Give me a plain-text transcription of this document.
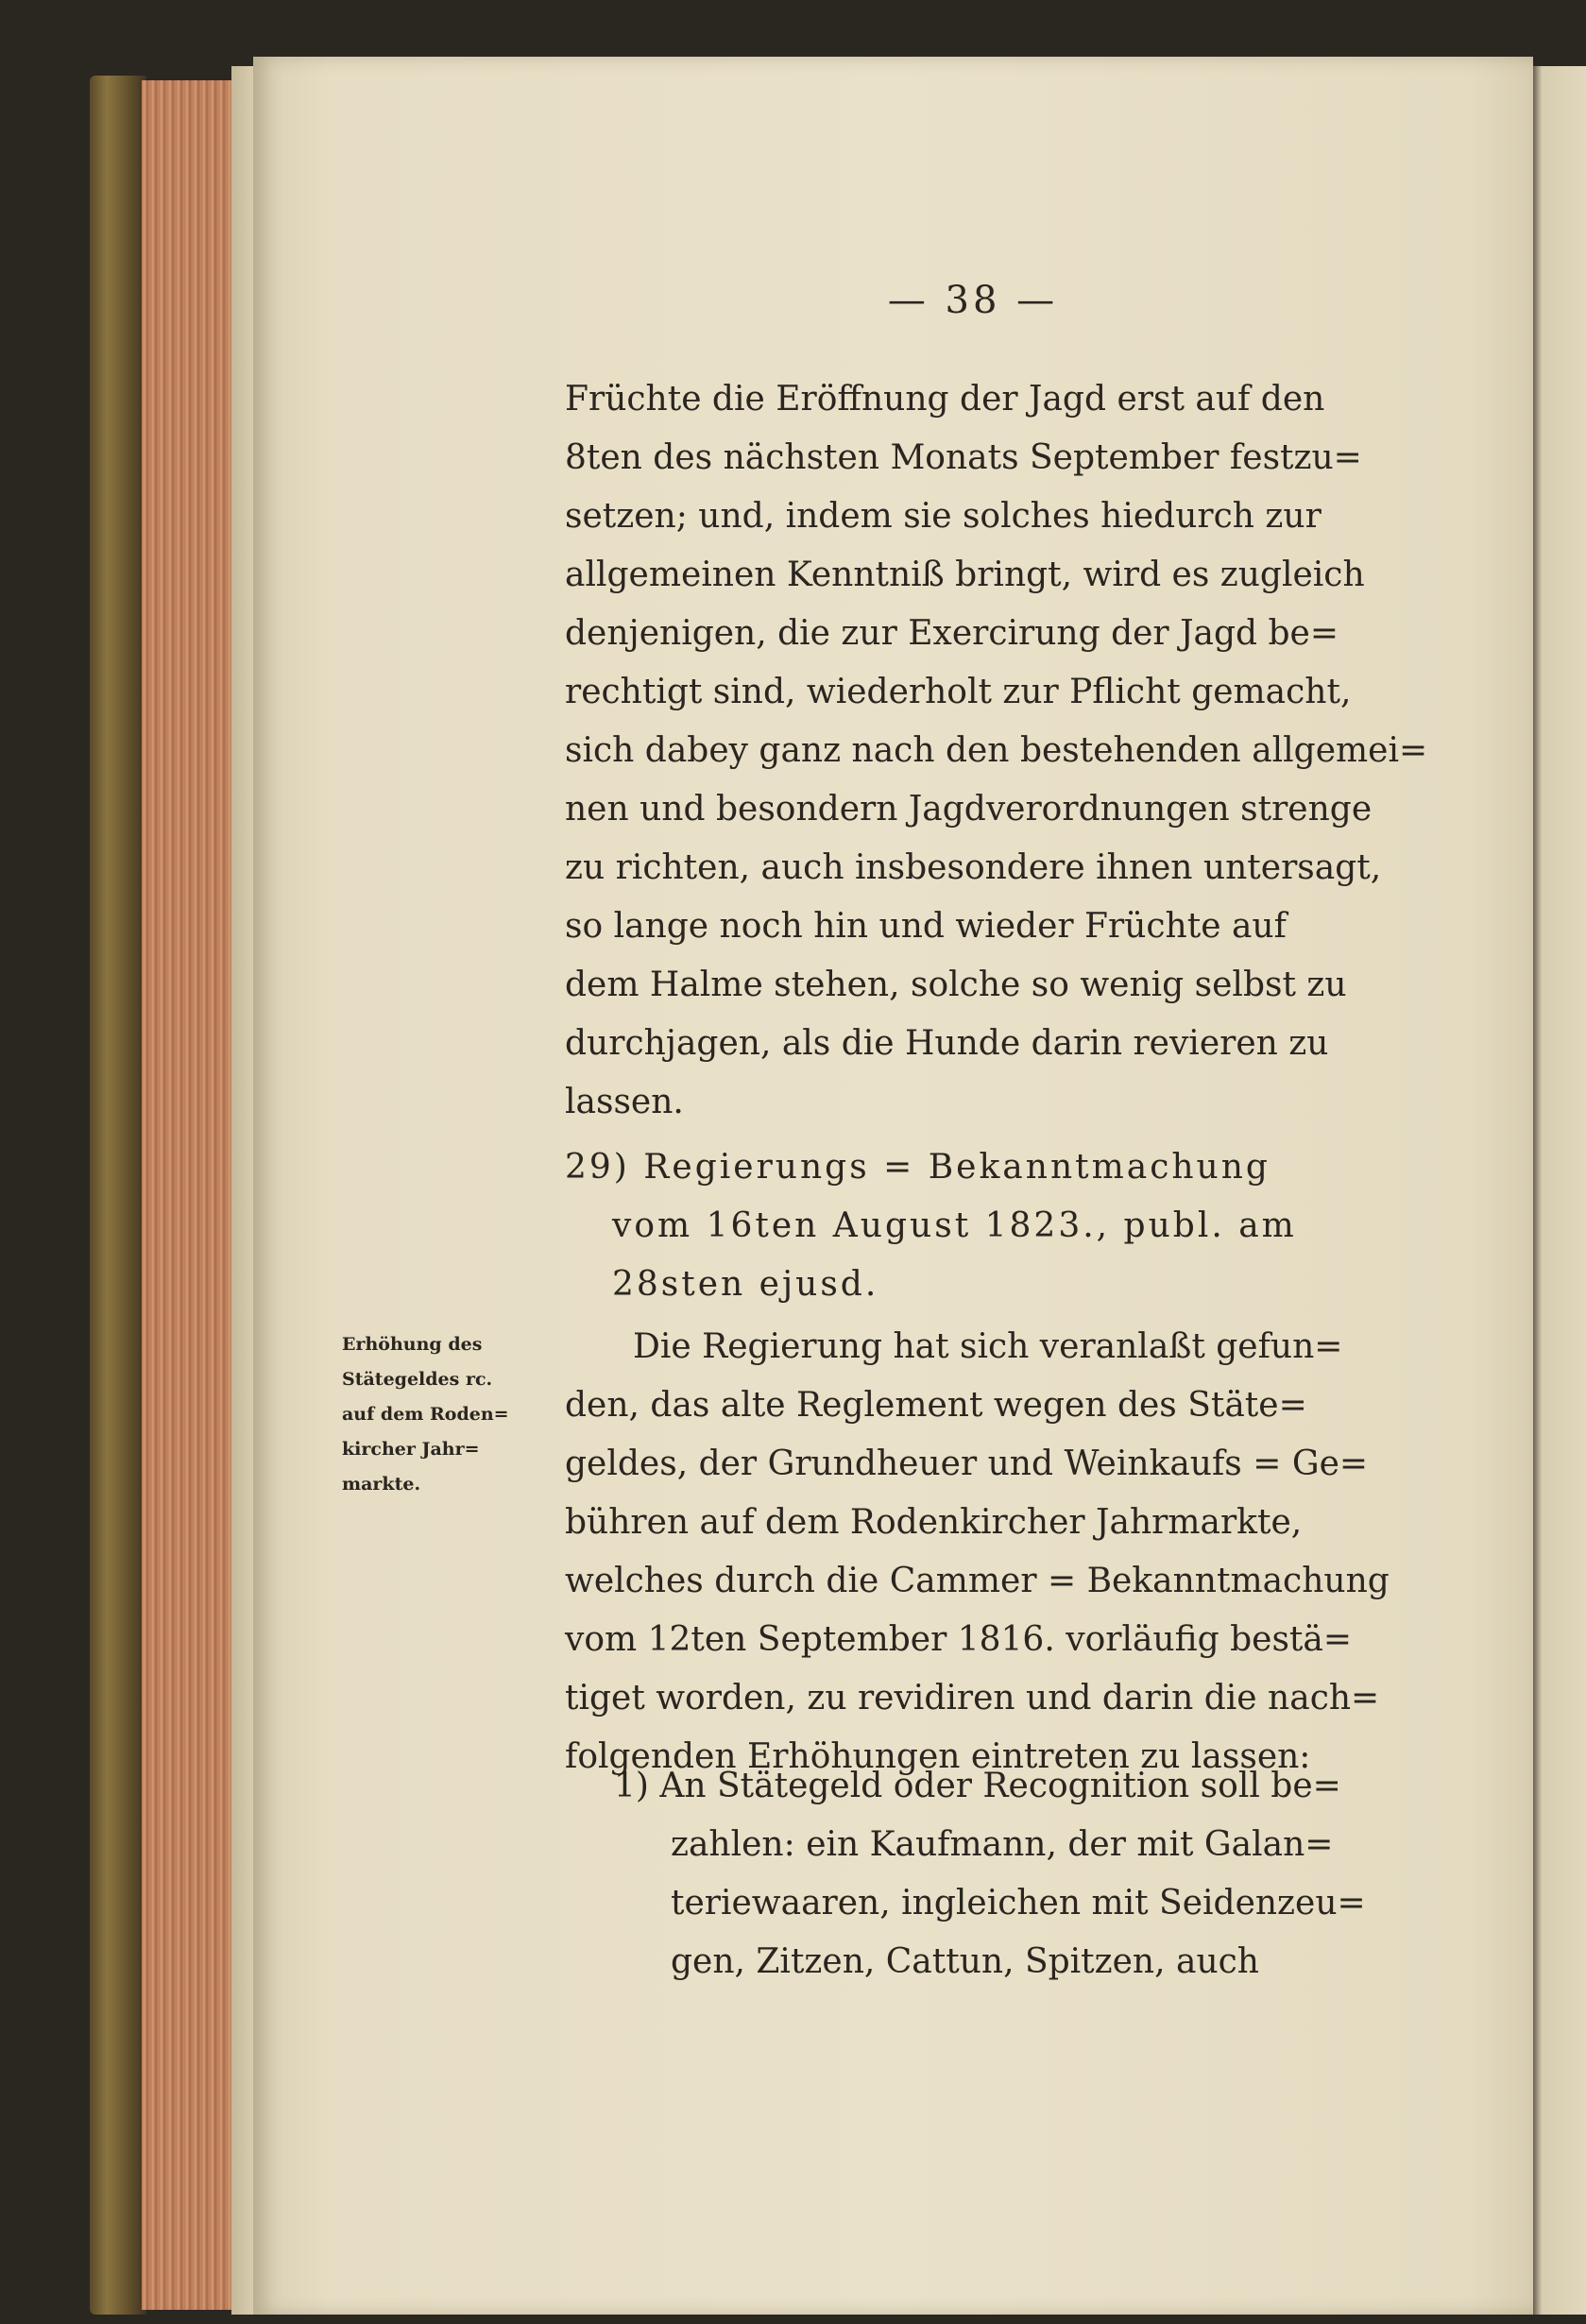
— 38 —
Früchte die Eröffnung der Jagd erst auf den
8ten des nächsten Monats September festzu=
setzen; und, indem sie solches hiedurch zur
allgemeinen Kenntniß bringt, wird es zugleich
denjenigen, die zur Exercirung der Jagd be=
rechtigt sind, wiederholt zur Pflicht gemacht,
sich dabey ganz nach den bestehenden allgemei=
nen und besondern Jagdverordnungen strenge
zu richten, auch insbesondere ihnen untersagt,
so lange noch hin und wieder Früchte auf
dem Halme stehen, solche so wenig selbst zu
durchjagen, als die Hunde darin revieren zu
lassen.
29) Regierungs = Bekanntmachung
vom 16ten August 1823., publ. am
28sten ejusd.
Erhöhung des
Stätegeldes rc.
auf dem Roden=
kircher Jahr=
markte.
Die Regierung hat sich veranlaßt gefun=
den, das alte Reglement wegen des Stäte=
geldes, der Grundheuer und Weinkaufs = Ge=
bühren auf dem Rodenkircher Jahrmarkte,
welches durch die Cammer = Bekanntmachung
vom 12ten September 1816. vorläufig bestä=
tiget worden, zu revidiren und darin die nach=
folgenden Erhöhungen eintreten zu lassen:
1) An Stätegeld oder Recognition soll be=
zahlen: ein Kaufmann, der mit Galan=
teriewaaren, ingleichen mit Seidenzeu=
gen, Zitzen, Cattun, Spitzen, auch
